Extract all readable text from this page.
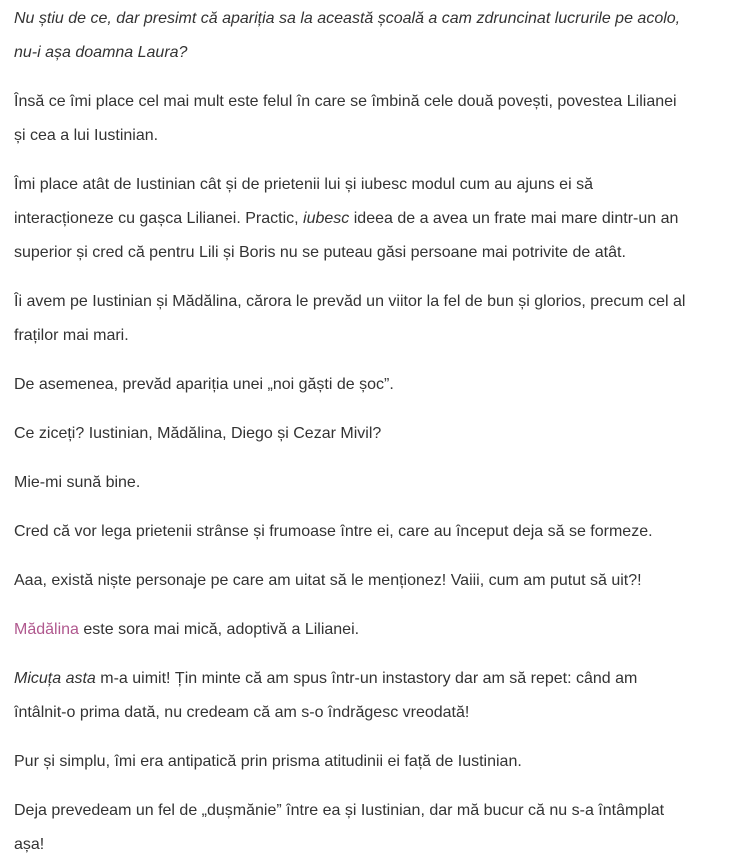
Nu știu de ce, dar presimt că apariția sa la această școală a cam zdruncinat lucrurile pe acolo,
nu-i așa doamna Laura?

Însă ce îmi place cel mai mult este felul în care se îmbină cele două povești, povestea Lilianei
și cea a lui Iustinian.

Îmi place atât de Iustinian cât și de prietenii lui și iubesc modul cum au ajuns ei să
interacționeze cu gașca Lilianei. Practic, iubesc ideea de a avea un frate mai mare dintr-un an
superior și cred că pentru Lili și Boris nu se puteau găsi persoane mai potrivite de atât.

Îi avem pe Iustinian și Mădălina, cărora le prevăd un viitor la fel de bun și glorios, precum cel al
fraților mai mari.

De asemenea, prevăd apariția unei „noi găști de șoc”.

Ce ziceți? Iustinian, Mădălina, Diego și Cezar Mivil?

Mie-mi sună bine.

Cred că vor lega prietenii strânse și frumoase între ei, care au început deja să se formeze.

Aaa, există niște personaje pe care am uitat să le menționez! Vaiii, cum am putut să uit?!

Mădălina este sora mai mică, adoptivă a Lilianei.

Micuța asta m-a uimit! Țin minte că am spus într-un instastory dar am să repet: când am
întâlnit-o prima dată, nu credeam că am s-o îndrăgesc vreodată!

Pur și simplu, îmi era antipatică prin prisma atitudinii ei față de Iustinian.

Deja prevedeam un fel de „dușmănie” între ea și Iustinian, dar mă bucur că nu s-a întâmplat
așa!
